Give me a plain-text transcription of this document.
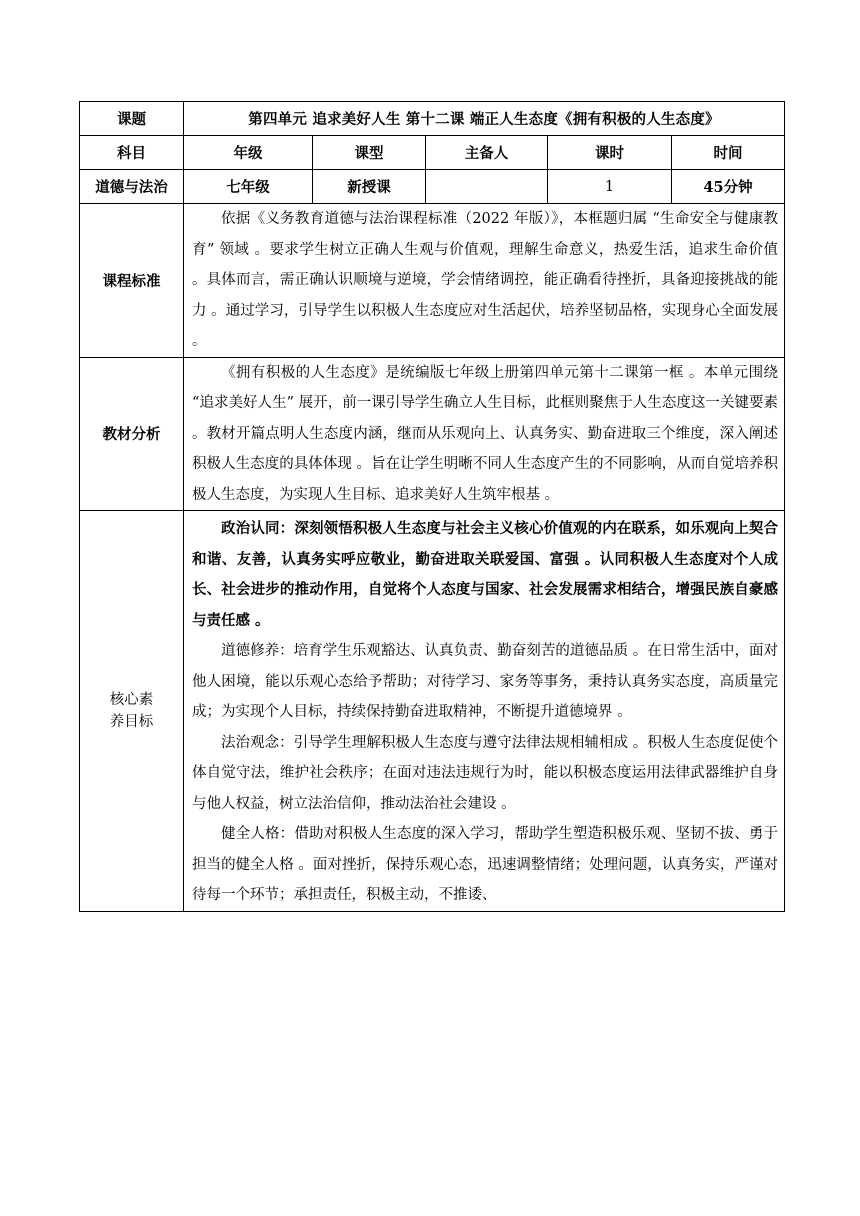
课题	第四单元 追求美好人生 第十二课 端正人生态度《拥有积极的人生态度》				
科目	年级	课型	主备人	课时	时间
道德与法治	七年级	新授课		1	45分钟
课程标准	依据《义务教育道德与法治课程标准（2022 年版）》，本框题归属 “生命安全与健康教育” 领域 。要求学生树立正确人生观与价值观，理解生命意义，热爱生活，追求生命价值 。具体而言，需正确认识顺境与逆境，学会情绪调控，能正确看待挫折，具备迎接挑战的能力 。通过学习，引导学生以积极人生态度应对生活起伏，培养坚韧品格，实现身心全面发展 。				

教材分析	《拥有积极的人生态度》是统编版七年级上册第四单元第十二课第一框 。本单元围绕 “追求美好人生” 展开，前一课引导学生确立人生目标，此框则聚焦于人生态度这一关键要素 。教材开篇点明人生态度内涵，继而从乐观向上、认真务实、勤奋进取三个维度，深入阐述积极人生态度的具体体现 。旨在让学生明晰不同人生态度产生的不同影响，从而自觉培养积极人生态度，为实现人生目标、追求美好人生筑牢根基 。				

核心素养目标	政治认同：深刻领悟积极人生态度与社会主义核心价值观的内在联系，如乐观向上契合和谐、友善，认真务实呼应敬业，勤奋进取关联爱国、富强 。认同积极人生态度对个人成长、社会进步的推动作用，自觉将个人态度与国家、社会发展需求相结合，增强民族自豪感与责任感 。

道德修养：培育学生乐观豁达、认真负责、勤奋刻苦的道德品质 。在日常生活中，面对他人困境，能以乐观心态给予帮助；对待学习、家务等事务，秉持认真务实态度，高质量完成；为实现个人目标，持续保持勤奋进取精神，不断提升道德境界 。

法治观念：引导学生理解积极人生态度与遵守法律法规相辅相成 。积极人生态度促使个体自觉守法，维护社会秩序；在面对违法违规行为时，能以积极态度运用法律武器维护自身与他人权益，树立法治信仰，推动法治社会建设 。

健全人格：借助对积极人生态度的深入学习，帮助学生塑造积极乐观、坚韧不拔、勇于担当的健全人格 。面对挫折，保持乐观心态，迅速调整情绪；处理问题，认真务实，严谨对待每一个环节；承担责任，积极主动，不推诿、				
